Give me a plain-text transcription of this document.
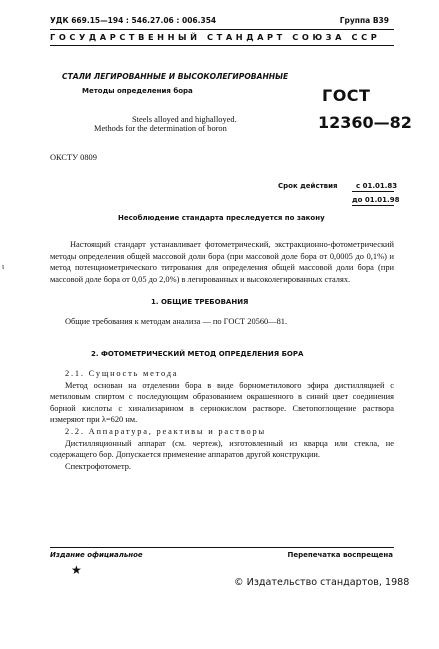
УДК 669.15—194 : 546.27.06 : 006.354	Группа В39
ГОСУДАРСТВЕННЫЙ СТАНДАРТ СОЮЗА ССР
СТАЛИ ЛЕГИРОВАННЫЕ И ВЫСОКОЛЕГИРОВАННЫЕ
Методы определения бора
Steels alloyed and highalloyed.
Methods for the determination of boron
ГОСТ
12360—82
ОКСТУ 0809
Срок действия	с 01.01.83
до 01.01.98
Несоблюдение стандарта преследуется по закону
ɩ
Настоящий стандарт устанавливает фотометрический, экстракционно-фотометрический методы определения общей массовой доли бора (при массовой доле бора от 0,0005 до 0,1%) и метод потенциометрического титрования для определения общей массовой доли бора (при массовой доле бора от 0,05 до 2,0%) в легированных и высоколегированных сталях.
1. ОБЩИЕ ТРЕБОВАНИЯ
Общие требования к методам анализа — по ГОСТ 20560—81.
2. ФОТОМЕТРИЧЕСКИЙ МЕТОД ОПРЕДЕЛЕНИЯ БОРА

2.1. Сущность метода

Метод основан на отделении бора в виде борнометилового эфира дистилляцией с метиловым спиртом с последующим образованием окрашенного в синий цвет соединения борной кислоты с хинализарином в сернокислом растворе. Светопоглощение раствора измеряют при λ=620 нм.

2.2. Аппаратура, реактивы и растворы

Дистилляционный аппарат (см. чертеж), изготовленный из кварца или стекла, не содержащего бор. Допускается применение аппаратов другой конструкции.

Спектрофотометр.

Издание официальное	Перепечатка воспрещена
★
© Издательство стандартов, 1988
